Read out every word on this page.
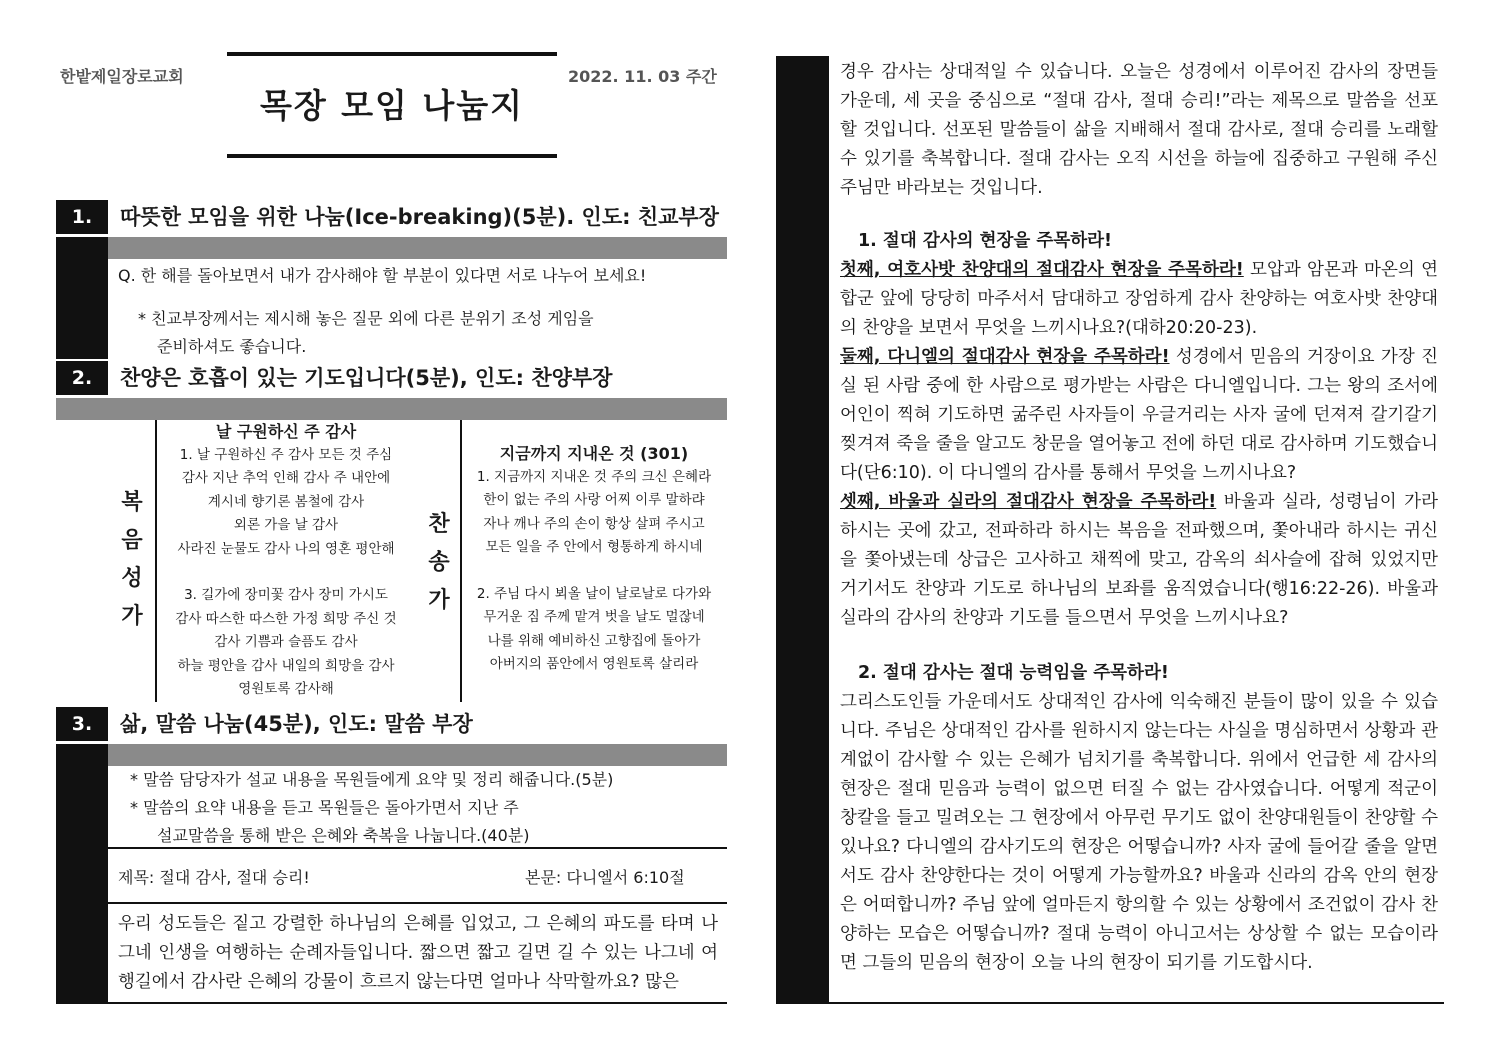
한밭제일장로교회	2022. 11. 03 주간
목장 모임 나눔지
1.	따뜻한 모임을 위한 나눔(Ice-breaking)(5분). 인도: 친교부장
Q. 한 해를 돌아보면서 내가 감사해야 할 부분이 있다면 서로 나누어 보세요!
* 친교부장께서는 제시해 놓은 질문 외에 다른 분위기 조성 게임을
준비하셔도 좋습니다.
2.	찬양은 호흡이 있는 기도입니다(5분), 인도: 찬양부장
복
음
성
가
날 구원하신 주 감사
1. 날 구원하신 주 감사 모든 것 주심
감사 지난 추억 인해 감사 주 내안에
계시네 향기론 봄철에 감사
외론 가을 날 감사
사라진 눈물도 감사 나의 영혼 평안해
3. 길가에 장미꽃 감사 장미 가시도
감사 따스한 따스한 가정 희망 주신 것
감사 기쁨과 슬픔도 감사
하늘 평안을 감사 내일의 희망을 감사
영원토록 감사해
찬
송
가
지금까지 지내온 것 (301)
1. 지금까지 지내온 것 주의 크신 은혜라
한이 없는 주의 사랑 어찌 이루 말하랴
자나 깨나 주의 손이 항상 살펴 주시고
모든 일을 주 안에서 형통하게 하시네
2. 주님 다시 뵈올 날이 날로날로 다가와
무거운 짐 주께 맡겨 벗을 날도 멀잖네
나를 위해 예비하신 고향집에 돌아가
아버지의 품안에서 영원토록 살리라
3.	삶, 말씀 나눔(45분), 인도: 말씀 부장
* 말씀 담당자가 설교 내용을 목원들에게 요약 및 정리 해줍니다.(5분)
* 말씀의 요약 내용을 듣고 목원들은 돌아가면서 지난 주
설교말씀을 통해 받은 은혜와 축복을 나눕니다.(40분)
제목: 절대 감사, 절대 승리!	본문: 다니엘서 6:10절
우리 성도들은 짙고 강렬한 하나님의 은혜를 입었고, 그 은혜의 파도를 타며 나그네 인생을 여행하는 순례자들입니다. 짧으면 짧고 길면 길 수 있는 나그네 여행길에서 감사란 은혜의 강물이 흐르지 않는다면 얼마나 삭막할까요? 많은
경우 감사는 상대적일 수 있습니다. 오늘은 성경에서 이루어진 감사의 장면들 가운데, 세 곳을 중심으로 “절대 감사, 절대 승리!”라는 제목으로 말씀을 선포할 것입니다. 선포된 말씀들이 삶을 지배해서 절대 감사로, 절대 승리를 노래할 수 있기를 축복합니다. 절대 감사는 오직 시선을 하늘에 집중하고 구원해 주신 주님만 바라보는 것입니다.
1. 절대 감사의 현장을 주목하라!
첫째, 여호사밧 찬양대의 절대감사 현장을 주목하라! 모압과 암몬과 마온의 연합군 앞에 당당히 마주서서 담대하고 장엄하게 감사 찬양하는 여호사밧 찬양대의 찬양을 보면서 무엇을 느끼시나요?(대하20:20-23).
둘째, 다니엘의 절대감사 현장을 주목하라! 성경에서 믿음의 거장이요 가장 진실 된 사람 중에 한 사람으로 평가받는 사람은 다니엘입니다. 그는 왕의 조서에 어인이 찍혀 기도하면 굶주린 사자들이 우글거리는 사자 굴에 던져져 갈기갈기 찢겨져 죽을 줄을 알고도 창문을 열어놓고 전에 하던 대로 감사하며 기도했습니다(단6:10). 이 다니엘의 감사를 통해서 무엇을 느끼시나요?
셋째, 바울과 실라의 절대감사 현장을 주목하라! 바울과 실라, 성령님이 가라 하시는 곳에 갔고, 전파하라 하시는 복음을 전파했으며, 쫓아내라 하시는 귀신을 쫓아냈는데 상급은 고사하고 채찍에 맞고, 감옥의 쇠사슬에 잡혀 있었지만 거기서도 찬양과 기도로 하나님의 보좌를 움직였습니다(행16:22-26). 바울과 실라의 감사의 찬양과 기도를 들으면서 무엇을 느끼시나요?
2. 절대 감사는 절대 능력임을 주목하라!
그리스도인들 가운데서도 상대적인 감사에 익숙해진 분들이 많이 있을 수 있습니다. 주님은 상대적인 감사를 원하시지 않는다는 사실을 명심하면서 상황과 관계없이 감사할 수 있는 은혜가 넘치기를 축복합니다. 위에서 언급한 세 감사의 현장은 절대 믿음과 능력이 없으면 터질 수 없는 감사였습니다. 어떻게 적군이 창칼을 들고 밀려오는 그 현장에서 아무런 무기도 없이 찬양대원들이 찬양할 수 있나요? 다니엘의 감사기도의 현장은 어떻습니까? 사자 굴에 들어갈 줄을 알면서도 감사 찬양한다는 것이 어떻게 가능할까요? 바울과 신라의 감옥 안의 현장은 어떠합니까? 주님 앞에 얼마든지 항의할 수 있는 상황에서 조건없이 감사 찬양하는 모습은 어떻습니까? 절대 능력이 아니고서는 상상할 수 없는 모습이라면 그들의 믿음의 현장이 오늘 나의 현장이 되기를 기도합시다.
